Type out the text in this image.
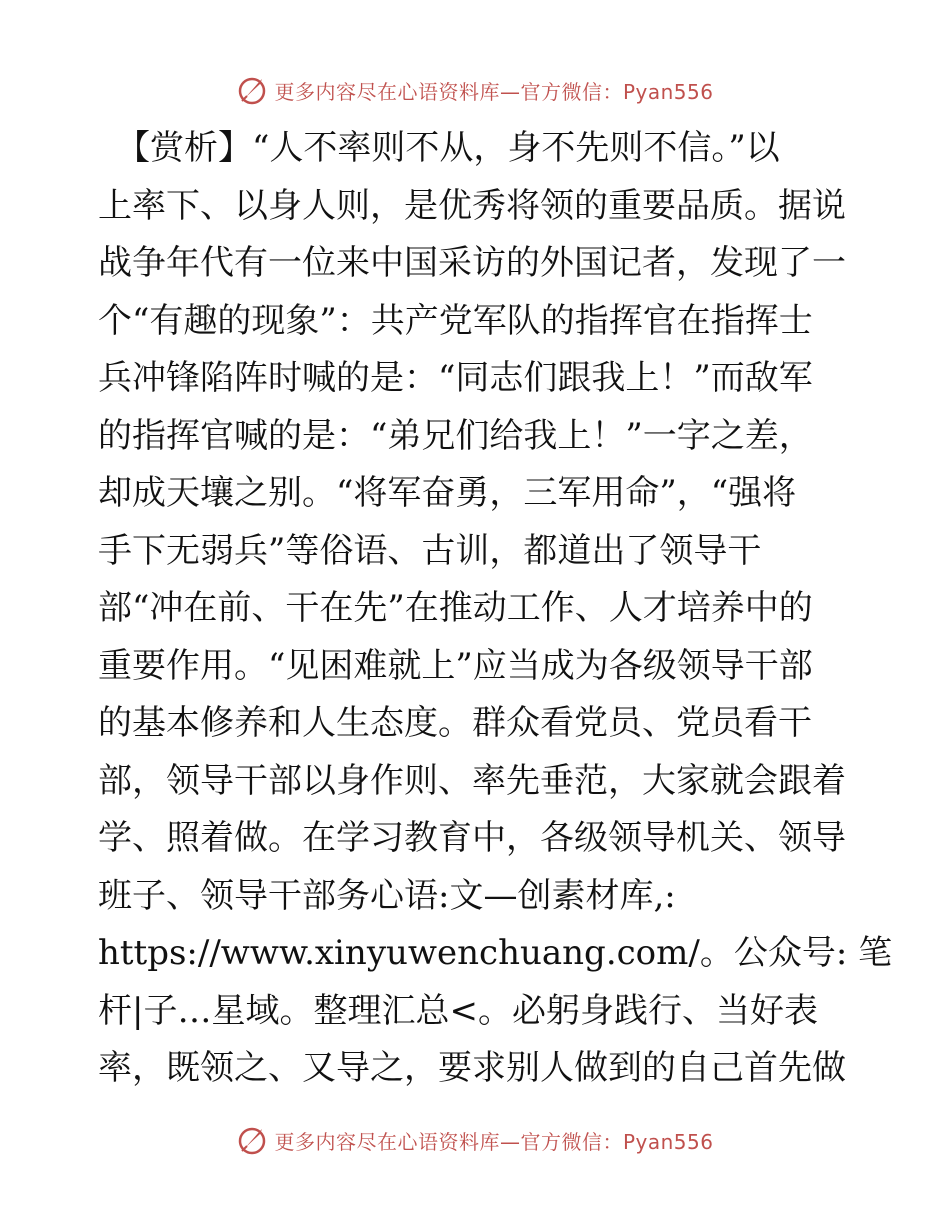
更多内容尽在心语资料库—官方微信：Pyan556
【赏析】“人不率则不从，身不先则不信。”以
上率下、以身人则，是优秀将领的重要品质。据说
战争年代有一位来中国采访的外国记者，发现了一
个“有趣的现象”：共产党军队的指挥官在指挥士
兵冲锋陷阵时喊的是：“同志们跟我上！”而敌军
的指挥官喊的是：“弟兄们给我上！”一字之差，
却成天壤之别。“将军奋勇，三军用命”，“强将
手下无弱兵”等俗语、古训，都道出了领导干
部“冲在前、干在先”在推动工作、人才培养中的
重要作用。“见困难就上”应当成为各级领导干部
的基本修养和人生态度。群众看党员、党员看干
部，领导干部以身作则、率先垂范，大家就会跟着
学、照着做。在学习教育中，各级领导机关、领导
班子、领导干部务心语:文—创素材库,:
https://www.xinyuwenchuang.com/。公众号: 笔
杆|子…星域。整理汇总<。必躬身践行、当好表
率，既领之、又导之，要求别人做到的自己首先做
更多内容尽在心语资料库—官方微信：Pyan556
